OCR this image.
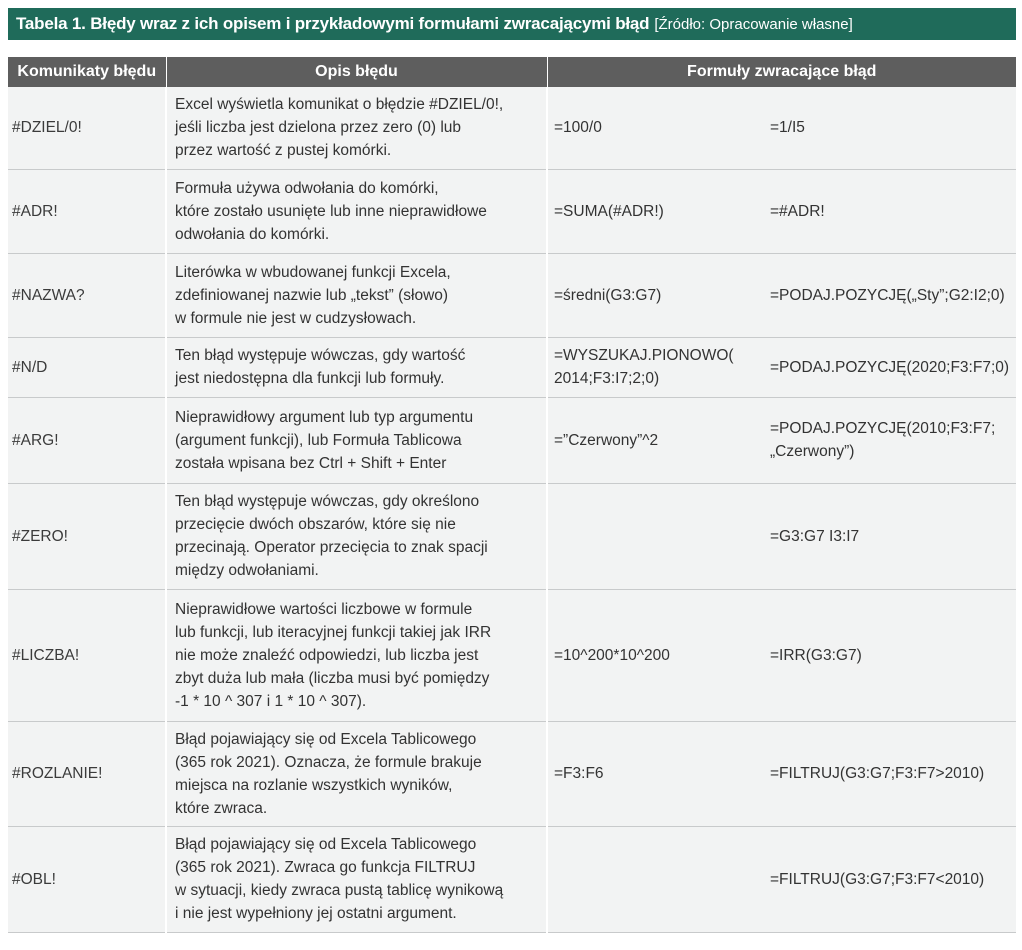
Tabela 1. Błędy wraz z ich opisem i przykładowymi formułami zwracającymi błąd [Źródło: Opracowanie własne]
Komunikaty błędu	Opis błędu	Formuły zwracające błąd	
#DZIEL/0!	Excel wyświetla komunikat o błędzie #DZIEL/0!,
jeśli liczba jest dzielona przez zero (0) lub
przez wartość z pustej komórki.	=100/0	=1/I5

#ADR!	Formuła używa odwołania do komórki,
które zostało usunięte lub inne nieprawidłowe
odwołania do komórki.	=SUMA(#ADR!)	=#ADR!

#NAZWA?	Literówka w wbudowanej funkcji Excela,
zdefiniowanej nazwie lub „tekst” (słowo)
w formule nie jest w cudzysłowach.	=średni(G3:G7)	=PODAJ.POZYCJĘ(„Sty”;G2:I2;0)

#N/D	Ten błąd występuje wówczas, gdy wartość
jest niedostępna dla funkcji lub formuły.	=WYSZUKAJ.PIONOWO(
2014;F3:I7;2;0)	=PODAJ.POZYCJĘ(2020;F3:F7;0)

#ARG!	Nieprawidłowy argument lub typ argumentu
(argument funkcji), lub Formuła Tablicowa
została wpisana bez Ctrl + Shift + Enter	=”Czerwony”^2	=PODAJ.POZYCJĘ(2010;F3:F7;
„Czerwony”)

#ZERO!	Ten błąd występuje wówczas, gdy określono
przecięcie dwóch obszarów, które się nie
przecinają. Operator przecięcia to znak spacji
między odwołaniami.		=G3:G7 I3:I7

#LICZBA!	Nieprawidłowe wartości liczbowe w formule
lub funkcji, lub iteracyjnej funkcji takiej jak IRR
nie może znaleźć odpowiedzi, lub liczba jest
zbyt duża lub mała (liczba musi być pomiędzy
-1 * 10 ^ 307 i 1 * 10 ^ 307).	=10^200*10^200	=IRR(G3:G7)

#ROZLANIE!	Błąd pojawiający się od Excela Tablicowego
(365 rok 2021). Oznacza, że formule brakuje
miejsca na rozlanie wszystkich wyników,
które zwraca.	=F3:F6	=FILTRUJ(G3:G7;F3:F7>2010)

#OBL!	Błąd pojawiający się od Excela Tablicowego
(365 rok 2021). Zwraca go funkcja FILTRUJ
w sytuacji, kiedy zwraca pustą tablicę wynikową
i nie jest wypełniony jej ostatni argument.		=FILTRUJ(G3:G7;F3:F7<2010)
